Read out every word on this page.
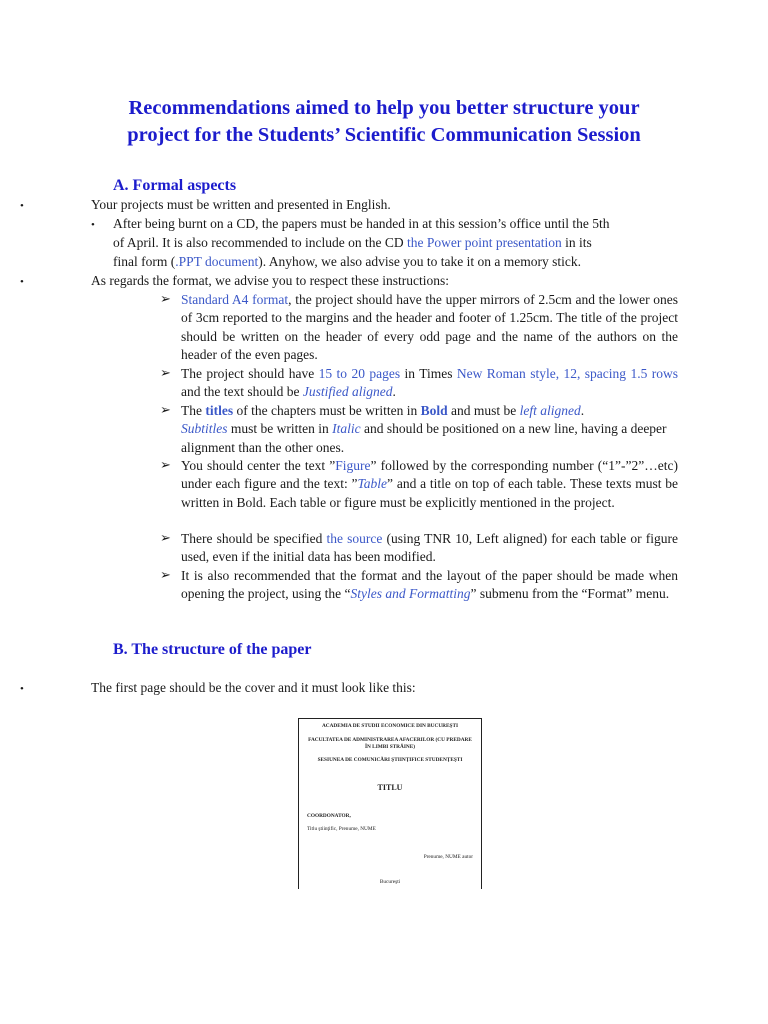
Recommendations aimed to help you better structure your
project for the Students’ Scientific Communication Session
A. Formal aspects
•	Your projects must be written and presented in English.
• After being burnt on a CD, the papers must be handed in at this session’s office until the 5th
of April. It is also recommended to include on the CD the Power point presentation in its
final form (.PPT document). Anyhow, we also advise you to take it on a memory stick.
•	As regards the format, we advise you to respect these instructions:
➢ Standard A4 format, the project should have the upper mirrors of 2.5cm and the lower ones of 3cm reported to the margins and the header and footer of 1.25cm. The title of the project should be written on the header of every odd page and the name of the authors on the header of the even pages.
➢ The project should have 15 to 20 pages in Times New Roman style, 12, spacing 1.5 rows and the text should be Justified aligned.
➢ The titles of the chapters must be written in Bold and must be left aligned.
Subtitles must be written in Italic and should be positioned on a new line, having a deeper alignment than the other ones.
➢ You should center the text ”Figure” followed by the corresponding number (“1”-”2”…etc) under each figure and the text: ”Table” and a title on top of each table. These texts must be written in Bold. Each table or figure must be explicitly mentioned in the project.
➢ There should be specified the source (using TNR 10, Left aligned) for each table or figure used, even if the initial data has been modified.
➢ It is also recommended that the format and the layout of the paper should be made when opening the project, using the “Styles and Formatting” submenu from the “Format” menu.
B. The structure of the paper
•	The first page should be the cover and it must look like this:
ACADEMIA DE STUDII ECONOMICE DIN BUCUREŞTI
FACULTATEA DE ADMINISTRAREA AFACERILOR (CU PREDARE ÎN LIMBI STRĂINE)
SESIUNEA DE COMUNICĂRI ŞTIINŢIFICE STUDENŢEŞTI
TITLU
COORDONATOR,
Titlu ştiinţific, Prenume, NUME
Prenume, NUME autor
Bucureşti
